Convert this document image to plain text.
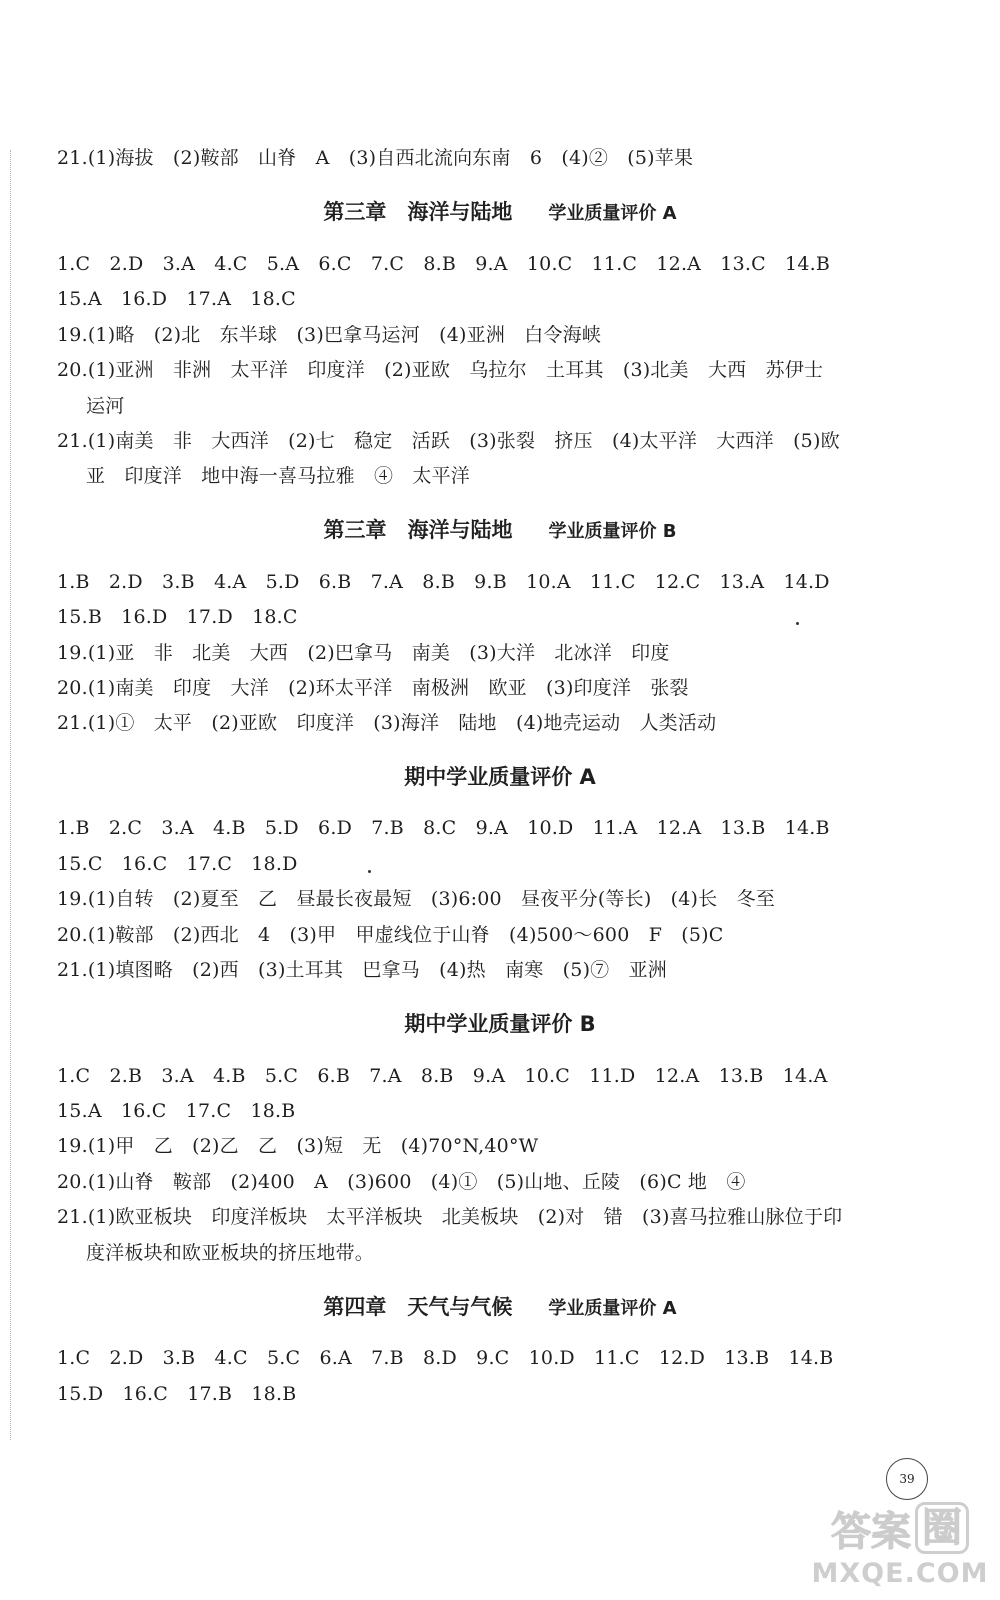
21.(1)海拔　(2)鞍部　山脊　A　(3)自西北流向东南　6　(4)②　(5)苹果
第三章　海洋与陆地 学业质量评价 A
1.C　2.D　3.A　4.C　5.A　6.C　7.C　8.B　9.A　10.C　11.C　12.A　13.C　14.B
15.A　16.D　17.A　18.C
19.(1)略　(2)北　东半球　(3)巴拿马运河　(4)亚洲　白令海峡
20.(1)亚洲　非洲　太平洋　印度洋　(2)亚欧　乌拉尔　土耳其　(3)北美　大西　苏伊士
运河
21.(1)南美　非　大西洋　(2)七　稳定　活跃　(3)张裂　挤压　(4)太平洋　大西洋　(5)欧
亚　印度洋　地中海一喜马拉雅　④　太平洋
第三章　海洋与陆地 学业质量评价 B
1.B　2.D　3.B　4.A　5.D　6.B　7.A　8.B　9.B　10.A　11.C　12.C　13.A　14.D
15.B　16.D　17.D　18.C
19.(1)亚　非　北美　大西　(2)巴拿马　南美　(3)大洋　北冰洋　印度
20.(1)南美　印度　大洋　(2)环太平洋　南极洲　欧亚　(3)印度洋　张裂
21.(1)①　太平　(2)亚欧　印度洋　(3)海洋　陆地　(4)地壳运动　人类活动
期中学业质量评价 A
1.B　2.C　3.A　4.B　5.D　6.D　7.B　8.C　9.A　10.D　11.A　12.A　13.B　14.B
15.C　16.C　17.C　18.D
19.(1)自转　(2)夏至　乙　昼最长夜最短　(3)6:00　昼夜平分(等长)　(4)长　冬至
20.(1)鞍部　(2)西北　4　(3)甲　甲虚线位于山脊　(4)500～600　F　(5)C
21.(1)填图略　(2)西　(3)土耳其　巴拿马　(4)热　南寒　(5)⑦　亚洲
期中学业质量评价 B
1.C　2.B　3.A　4.B　5.C　6.B　7.A　8.B　9.A　10.C　11.D　12.A　13.B　14.A
15.A　16.C　17.C　18.B
19.(1)甲　乙　(2)乙　乙　(3)短　无　(4)70°N,40°W
20.(1)山脊　鞍部　(2)400　A　(3)600　(4)①　(5)山地、丘陵　(6)C 地　④
21.(1)欧亚板块　印度洋板块　太平洋板块　北美板块　(2)对　错　(3)喜马拉雅山脉位于印
度洋板块和欧亚板块的挤压地带。
第四章　天气与气候 学业质量评价 A
1.C　2.D　3.B　4.C　5.C　6.A　7.B　8.D　9.C　10.D　11.C　12.D　13.B　14.B
15.D　16.C　17.B　18.B
39
答案 圈
MXQE.COM
